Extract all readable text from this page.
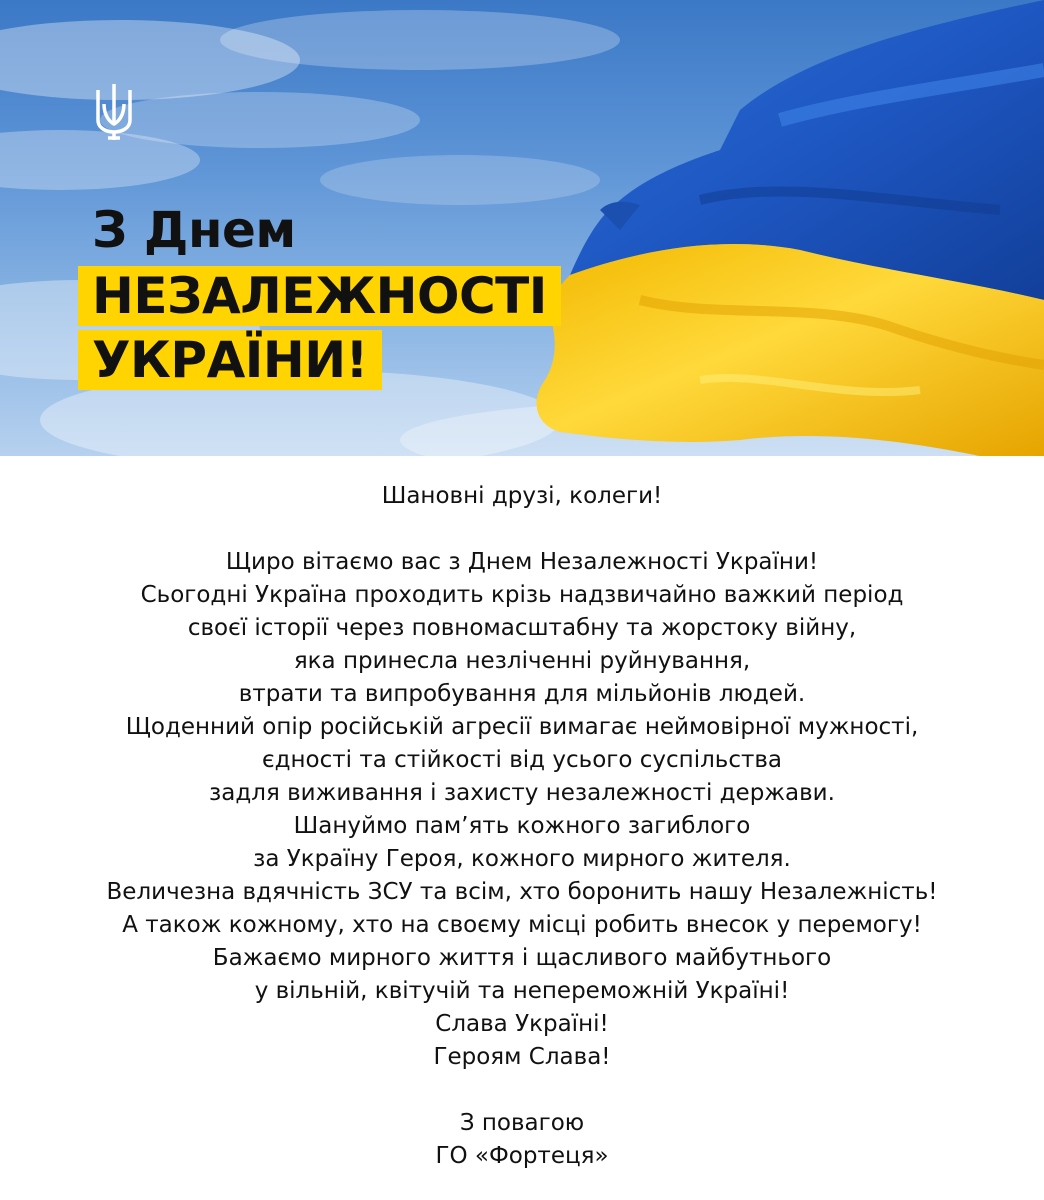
З Днем
НЕЗАЛЕЖНОСТІ
УКРАЇНИ!

Шановні друзі, колеги!

Щиро вітаємо вас з Днем Незалежності України!
Сьогодні Україна проходить крізь надзвичайно важкий період
своєї історії через повномасштабну та жорстоку війну,
яка принесла незліченні руйнування,
втрати та випробування для мільйонів людей.
Щоденний опір російській агресії вимагає неймовірної мужності,
єдності та стійкості від усього суспільства
задля виживання і захисту незалежності держави.
Шануймо пам’ять кожного загиблого
за Україну Героя, кожного мирного жителя.
Величезна вдячність ЗСУ та всім, хто боронить нашу Незалежність!
А також кожному, хто на своєму місці робить внесок у перемогу!
Бажаємо мирного життя і щасливого майбутнього
у вільній, квітучій та непереможній Україні!
Слава Україні!
Героям Слава!

З повагою

ГО «Фортеця»
